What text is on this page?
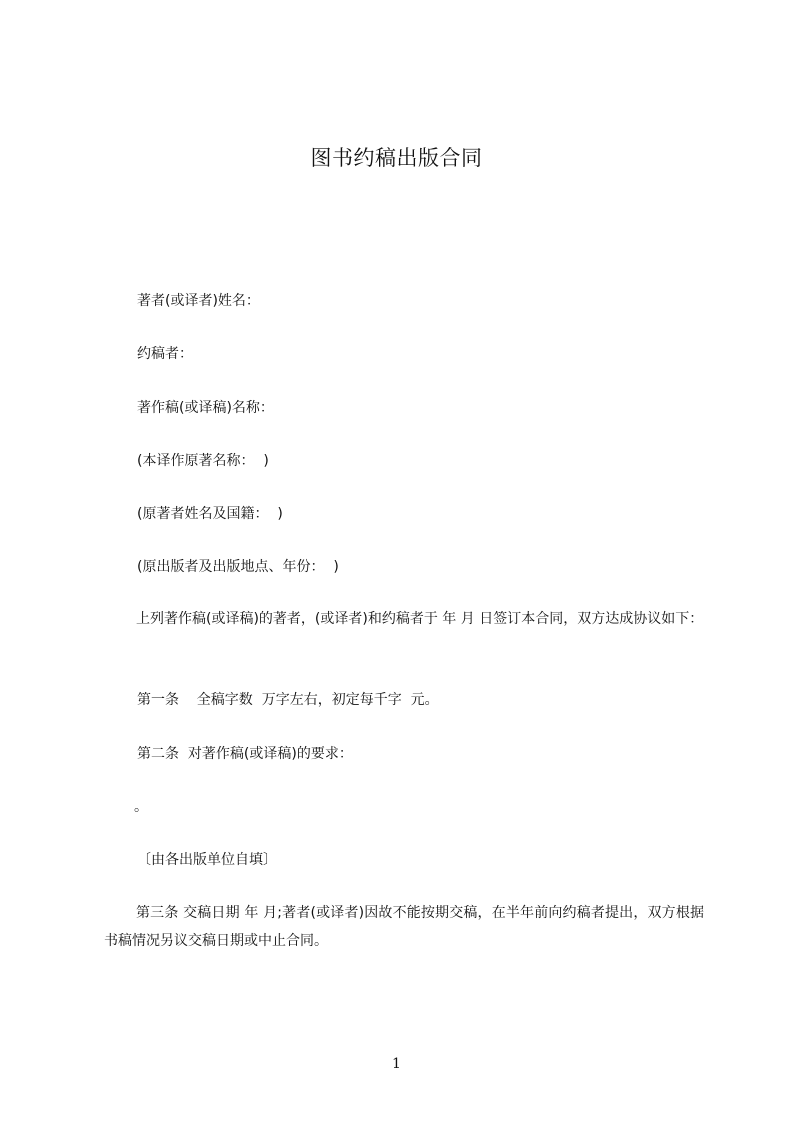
图书约稿出版合同
著者(或译者)姓名：
约稿者：
著作稿(或译稿)名称：
(本译作原著名称：  )
(原著者姓名及国籍：  )
(原出版者及出版地点、年份：  )
上列著作稿(或译稿)的著者，(或译者)和约稿者于 年 月 日签订本合同，双方达成协议如下：
第一条    全稿字数  万字左右，初定每千字  元。
第二条  对著作稿(或译稿)的要求：
。
〔由各出版单位自填〕
第三条 交稿日期 年 月;著者(或译者)因故不能按期交稿，在半年前向约稿者提出，双方根据书稿情况另议交稿日期或中止合同。
1
